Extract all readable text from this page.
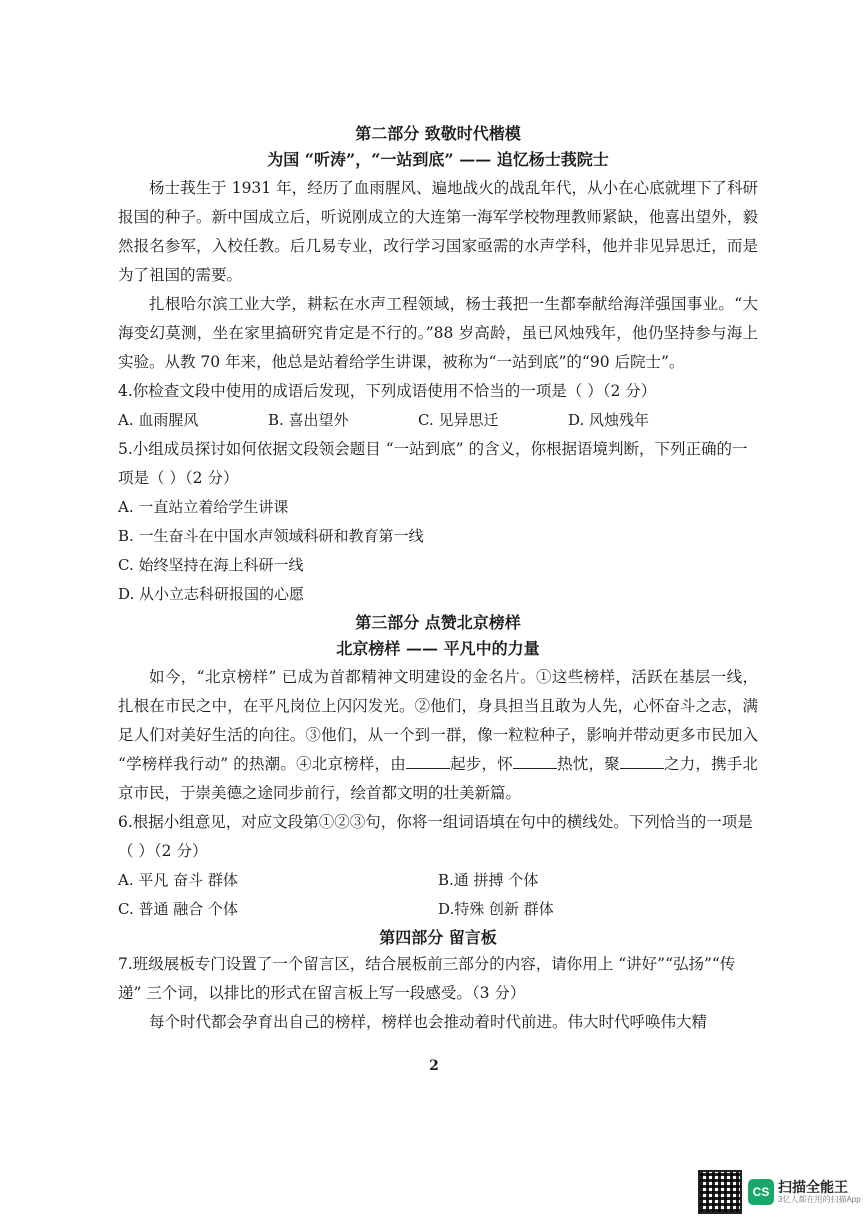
第二部分 致敬时代楷模
为国 “听涛”，“一站到底” —— 追忆杨士莪院士

杨士莪生于 1931 年，经历了血雨腥风、遍地战火的战乱年代，从小在心底就埋下了科研报国的种子。新中国成立后，听说刚成立的大连第一海军学校物理教师紧缺，他喜出望外，毅然报名参军，入校任教。后几易专业，改行学习国家亟需的水声学科，他并非见异思迁，而是为了祖国的需要。

扎根哈尔滨工业大学，耕耘在水声工程领域，杨士莪把一生都奉献给海洋强国事业。“大海变幻莫测，坐在家里搞研究肯定是不行的。”88 岁高龄，虽已风烛残年，他仍坚持参与海上实验。从教 70 年来，他总是站着给学生讲课，被称为“一站到底”的“90 后院士”。

4.你检查文段中使用的成语后发现，下列成语使用不恰当的一项是（ ）（2 分）

A. 血雨腥风	B. 喜出望外	C. 见异思迁	D. 风烛残年

5.小组成员探讨如何依据文段领会题目 “一站到底” 的含义，你根据语境判断，下列正确的一项是（ ）（2 分）

A. 一直站立着给学生讲课

B. 一生奋斗在中国水声领域科研和教育第一线

C. 始终坚持在海上科研一线

D. 从小立志科研报国的心愿

第三部分 点赞北京榜样
北京榜样 —— 平凡中的力量

如今，“北京榜样” 已成为首都精神文明建设的金名片。①这些榜样，活跃在基层一线，扎根在市民之中，在平凡岗位上闪闪发光。②他们，身具担当且敢为人先，心怀奋斗之志，满足人们对美好生活的向往。③他们，从一个到一群，像一粒粒种子，影响并带动更多市民加入 “学榜样我行动” 的热潮。④北京榜样，由	起步，怀	热忱，聚	之力，携手北京市民，于崇美德之途同步前行，绘首都文明的壮美新篇。

6.根据小组意见，对应文段第①②③句，你将一组词语填在句中的横线处。下列恰当的一项是（ ）（2 分）

A. 平凡 奋斗 群体	B.通 拼搏 个体
C. 普通 融合 个体	D.特殊 创新 群体
第四部分 留言板

7.班级展板专门设置了一个留言区，结合展板前三部分的内容，请你用上 “讲好”“弘扬”“传递” 三个词，以排比的形式在留言板上写一段感受。（3 分）

每个时代都会孕育出自己的榜样，榜样也会推动着时代前进。伟大时代呼唤伟大精

2
CS 扫描全能王
3亿人都在用的扫描App
